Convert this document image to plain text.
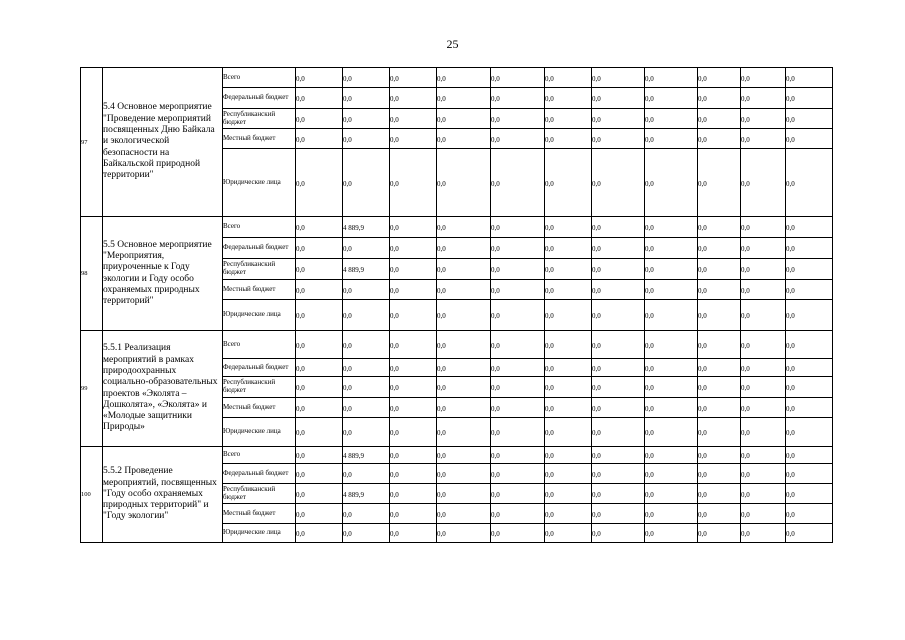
25
97	5.4 Основное мероприятие "Проведение мероприятий посвященных Дню Байкала и экологической безопасности на Байкальской природной территории"	Всего	0,0	0,0	0,0	0,0	0,0	0,0	0,0	0,0	0,0	0,0	0,0
		Федеральный бюджет	0,0	0,0	0,0	0,0	0,0	0,0	0,0	0,0	0,0	0,0	0,0
		Республиканский бюджет	0,0	0,0	0,0	0,0	0,0	0,0	0,0	0,0	0,0	0,0	0,0
		Местный бюджет	0,0	0,0	0,0	0,0	0,0	0,0	0,0	0,0	0,0	0,0	0,0
		Юридические лица	0,0	0,0	0,0	0,0	0,0	0,0	0,0	0,0	0,0	0,0	0,0
98	5.5 Основное мероприятие "Мероприятия, приуроченные к Году экологии и Году особо охраняемых природных территорий"	Всего	0,0	4 889,9	0,0	0,0	0,0	0,0	0,0	0,0	0,0	0,0	0,0
		Федеральный бюджет	0,0	0,0	0,0	0,0	0,0	0,0	0,0	0,0	0,0	0,0	0,0
		Республиканский бюджет	0,0	4 889,9	0,0	0,0	0,0	0,0	0,0	0,0	0,0	0,0	0,0
		Местный бюджет	0,0	0,0	0,0	0,0	0,0	0,0	0,0	0,0	0,0	0,0	0,0
		Юридические лица	0,0	0,0	0,0	0,0	0,0	0,0	0,0	0,0	0,0	0,0	0,0
99	5.5.1 Реализация мероприятий в рамках природоохранных социально-образовательных проектов «Эколята – Дошколята», «Эколята» и «Молодые защитники Природы»	Всего	0,0	0,0	0,0	0,0	0,0	0,0	0,0	0,0	0,0	0,0	0,0
		Федеральный бюджет	0,0	0,0	0,0	0,0	0,0	0,0	0,0	0,0	0,0	0,0	0,0
		Республиканский бюджет	0,0	0,0	0,0	0,0	0,0	0,0	0,0	0,0	0,0	0,0	0,0
		Местный бюджет	0,0	0,0	0,0	0,0	0,0	0,0	0,0	0,0	0,0	0,0	0,0
		Юридические лица	0,0	0,0	0,0	0,0	0,0	0,0	0,0	0,0	0,0	0,0	0,0
100	5.5.2 Проведение мероприятий, посвященных "Году особо охраняемых природных территорий" и "Году экологии"	Всего	0,0	4 889,9	0,0	0,0	0,0	0,0	0,0	0,0	0,0	0,0	0,0
		Федеральный бюджет	0,0	0,0	0,0	0,0	0,0	0,0	0,0	0,0	0,0	0,0	0,0
		Республиканский бюджет	0,0	4 889,9	0,0	0,0	0,0	0,0	0,0	0,0	0,0	0,0	0,0
		Местный бюджет	0,0	0,0	0,0	0,0	0,0	0,0	0,0	0,0	0,0	0,0	0,0
		Юридические лица	0,0	0,0	0,0	0,0	0,0	0,0	0,0	0,0	0,0	0,0	0,0
